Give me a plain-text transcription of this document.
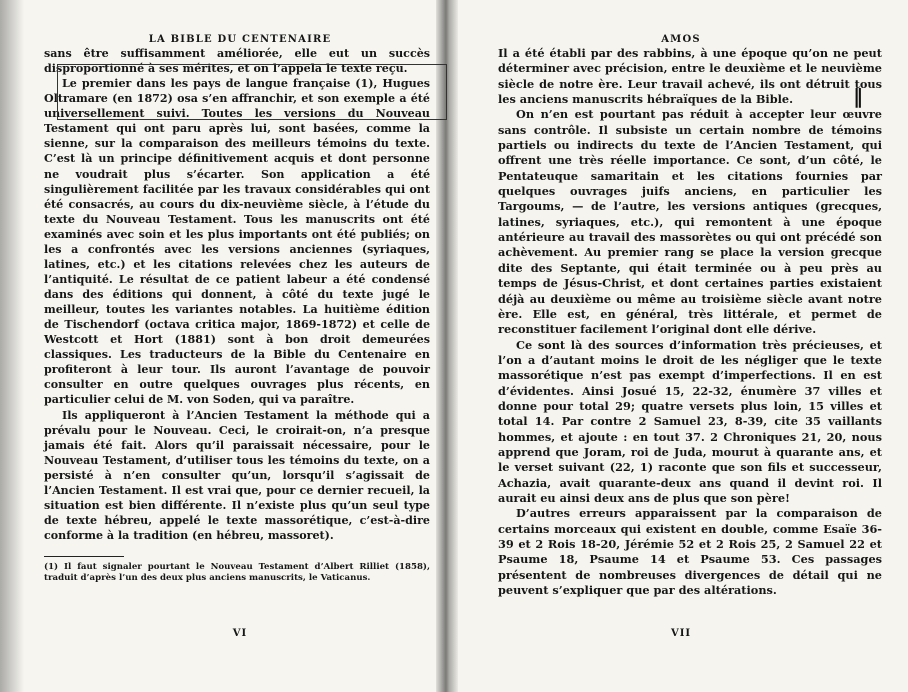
LA BIBLE DU CENTENAIRE

sans être suffisamment améliorée, elle eut un succès disproportionné à ses mérites, et on l’appela le texte reçu.

Le premier dans les pays de langue française (1), Hugues Oltramare (en 1872) osa s’en affranchir, et son exemple a été universellement suivi. Toutes les versions du Nouveau Testament qui ont paru après lui, sont basées, comme la sienne, sur la comparaison des meilleurs témoins du texte. C’est là un principe définitivement acquis et dont personne ne voudrait plus s’écarter. Son application a été singulièrement facilitée par les travaux considérables qui ont été consacrés, au cours du dix-neuvième siècle, à l’étude du texte du Nouveau Testament. Tous les manuscrits ont été examinés avec soin et les plus importants ont été publiés; on les a confrontés avec les versions anciennes (syriaques, latines, etc.) et les citations relevées chez les auteurs de l’antiquité. Le résultat de ce patient labeur a été condensé dans des éditions qui donnent, à côté du texte jugé le meilleur, toutes les variantes notables. La huitième édition de Tischendorf (octava critica major, 1869-1872) et celle de Westcott et Hort (1881) sont à bon droit demeurées classiques. Les traducteurs de la Bible du Centenaire en profiteront à leur tour. Ils auront l’avantage de pouvoir consulter en outre quelques ouvrages plus récents, en particulier celui de M. von Soden, qui va paraître.

Ils appliqueront à l’Ancien Testament la méthode qui a prévalu pour le Nouveau. Ceci, le croirait-on, n’a presque jamais été fait. Alors qu’il paraissait nécessaire, pour le Nouveau Testament, d’utiliser tous les témoins du texte, on a persisté à n’en consulter qu’un, lorsqu’il s’agissait de l’Ancien Testament. Il est vrai que, pour ce dernier recueil, la situation est bien différente. Il n’existe plus qu’un seul type de texte hébreu, appelé le texte massorétique, c’est-à-dire conforme à la tradition (en hébreu, massoret).

(1) Il faut signaler pourtant le Nouveau Testament d’Albert Rilliet (1858), traduit d’après l’un des deux plus anciens manuscrits, le Vaticanus.
VI
AMOS

Il a été établi par des rabbins, à une époque qu’on ne peut déterminer avec précision, entre le deuxième et le neuvième siècle de notre ère. Leur travail achevé, ils ont détruit tous les anciens manuscrits hébraïques de la Bible.

On n’en est pourtant pas réduit à accepter leur œuvre sans contrôle. Il subsiste un certain nombre de témoins partiels ou indirects du texte de l’Ancien Testament, qui offrent une très réelle importance. Ce sont, d’un côté, le Pentateuque samaritain et les citations fournies par quelques ouvrages juifs anciens, en particulier les Targoums, — de l’autre, les versions antiques (grecques, latines, syriaques, etc.), qui remontent à une époque antérieure au travail des massorètes ou qui ont précédé son achèvement. Au premier rang se place la version grecque dite des Septante, qui était terminée ou à peu près au temps de Jésus-Christ, et dont certaines parties existaient déjà au deuxième ou même au troisième siècle avant notre ère. Elle est, en général, très littérale, et permet de reconstituer facilement l’original dont elle dérive.

Ce sont là des sources d’information très précieuses, et l’on a d’autant moins le droit de les négliger que le texte massorétique n’est pas exempt d’imperfections. Il en est d’évidentes. Ainsi Josué 15, 22-32, énumère 37 villes et donne pour total 29; quatre versets plus loin, 15 villes et total 14. Par contre 2 Samuel 23, 8-39, cite 35 vaillants hommes, et ajoute : en tout 37. 2 Chroniques 21, 20, nous apprend que Joram, roi de Juda, mourut à quarante ans, et le verset suivant (22, 1) raconte que son fils et successeur, Achazia, avait quarante-deux ans quand il devint roi. Il aurait eu ainsi deux ans de plus que son père!

D’autres erreurs apparaissent par la comparaison de certains morceaux qui existent en double, comme Esaïe 36-39 et 2 Rois 18-20, Jérémie 52 et 2 Rois 25, 2 Samuel 22 et Psaume 18, Psaume 14 et Psaume 53. Ces passages présentent de nombreuses divergences de détail qui ne peuvent s’expliquer que par des altérations.

VII
‖
